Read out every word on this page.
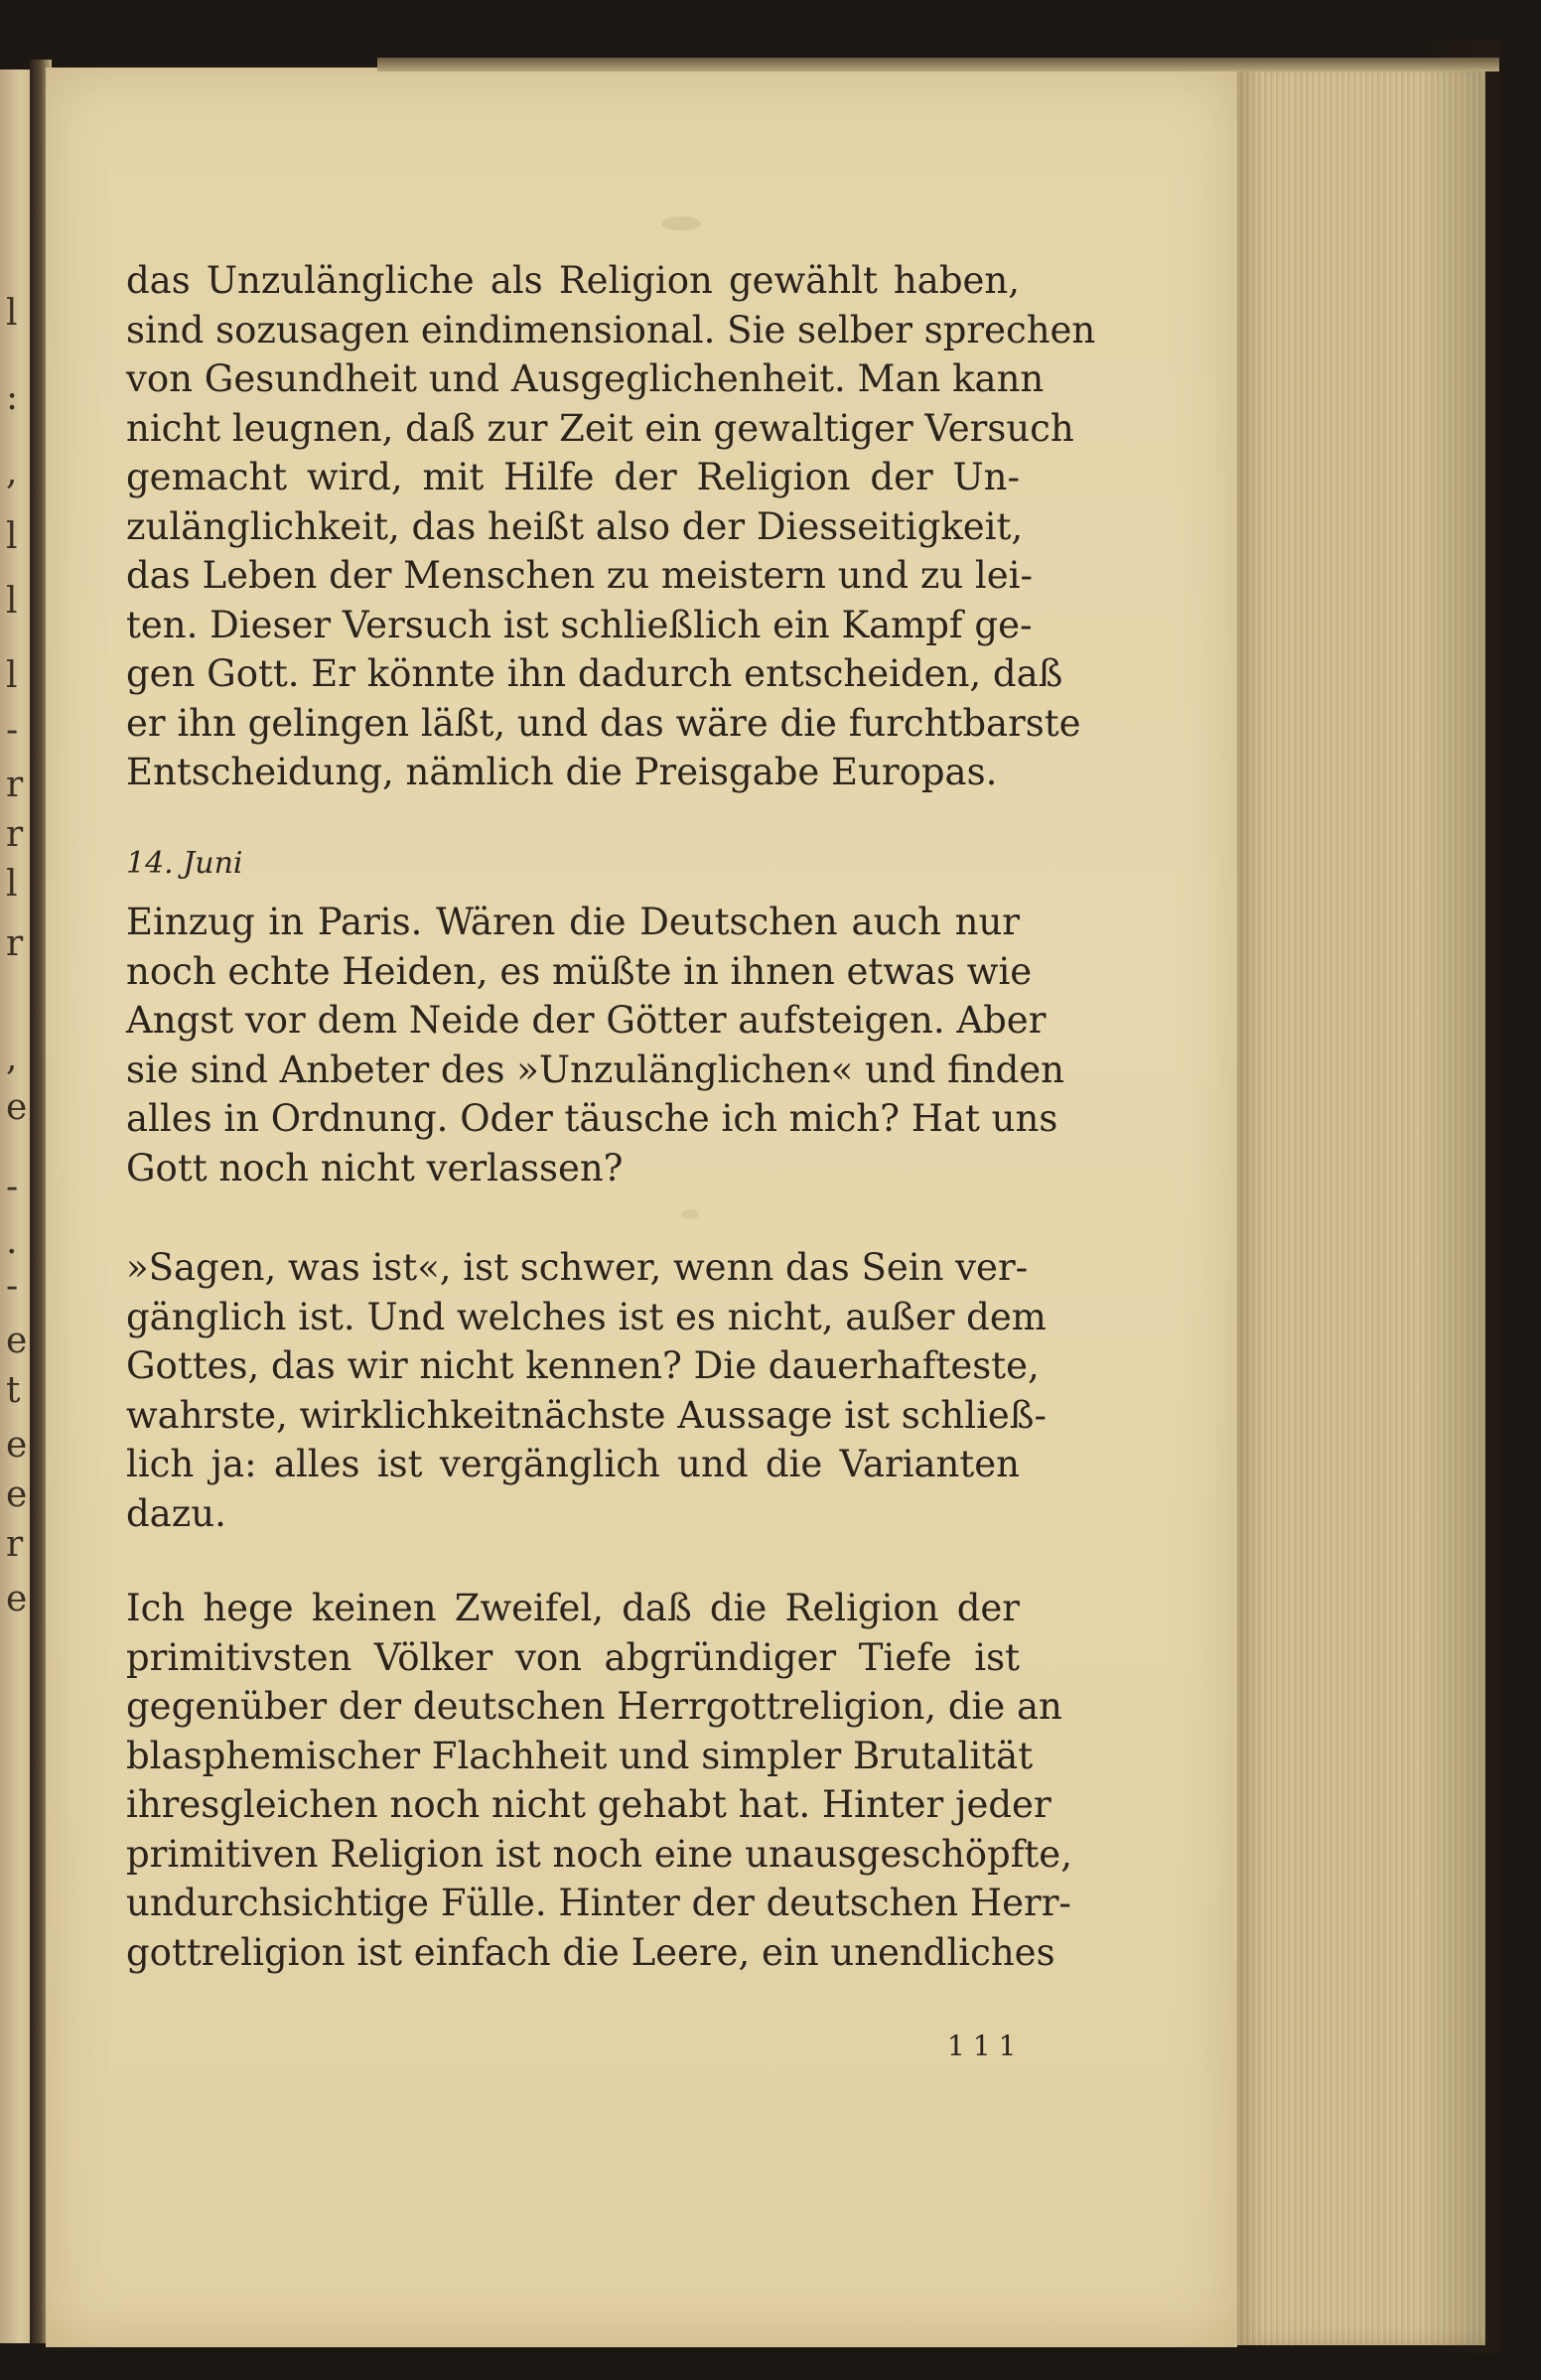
l
:
,
l
l
l
-
r
r
l
r
,
e
-
.
-
e
t
e
e
r
e
das Unzulängliche als Religion gewählt haben,
sind sozusagen eindimensional. Sie selber sprechen
von Gesundheit und Ausgeglichenheit. Man kann
nicht leugnen, daß zur Zeit ein gewaltiger Versuch
gemacht wird, mit Hilfe der Religion der Un-
zulänglichkeit, das heißt also der Diesseitigkeit,
das Leben der Menschen zu meistern und zu lei-
ten. Dieser Versuch ist schließlich ein Kampf ge-
gen Gott. Er könnte ihn dadurch entscheiden, daß
er ihn gelingen läßt, und das wäre die furchtbarste
Entscheidung, nämlich die Preisgabe Europas.
14. Juni
Einzug in Paris. Wären die Deutschen auch nur
noch echte Heiden, es müßte in ihnen etwas wie
Angst vor dem Neide der Götter aufsteigen. Aber
sie sind Anbeter des »Unzulänglichen« und finden
alles in Ordnung. Oder täusche ich mich? Hat uns
Gott noch nicht verlassen?
»Sagen, was ist«, ist schwer, wenn das Sein ver-
gänglich ist. Und welches ist es nicht, außer dem
Gottes, das wir nicht kennen? Die dauerhafteste,
wahrste, wirklichkeitnächste Aussage ist schließ-
lich ja: alles ist vergänglich und die Varianten
dazu.
Ich hege keinen Zweifel, daß die Religion der
primitivsten Völker von abgründiger Tiefe ist
gegenüber der deutschen Herrgottreligion, die an
blasphemischer Flachheit und simpler Brutalität
ihresgleichen noch nicht gehabt hat. Hinter jeder
primitiven Religion ist noch eine unausgeschöpfte,
undurchsichtige Fülle. Hinter der deutschen Herr-
gottreligion ist einfach die Leere, ein unendliches
111
